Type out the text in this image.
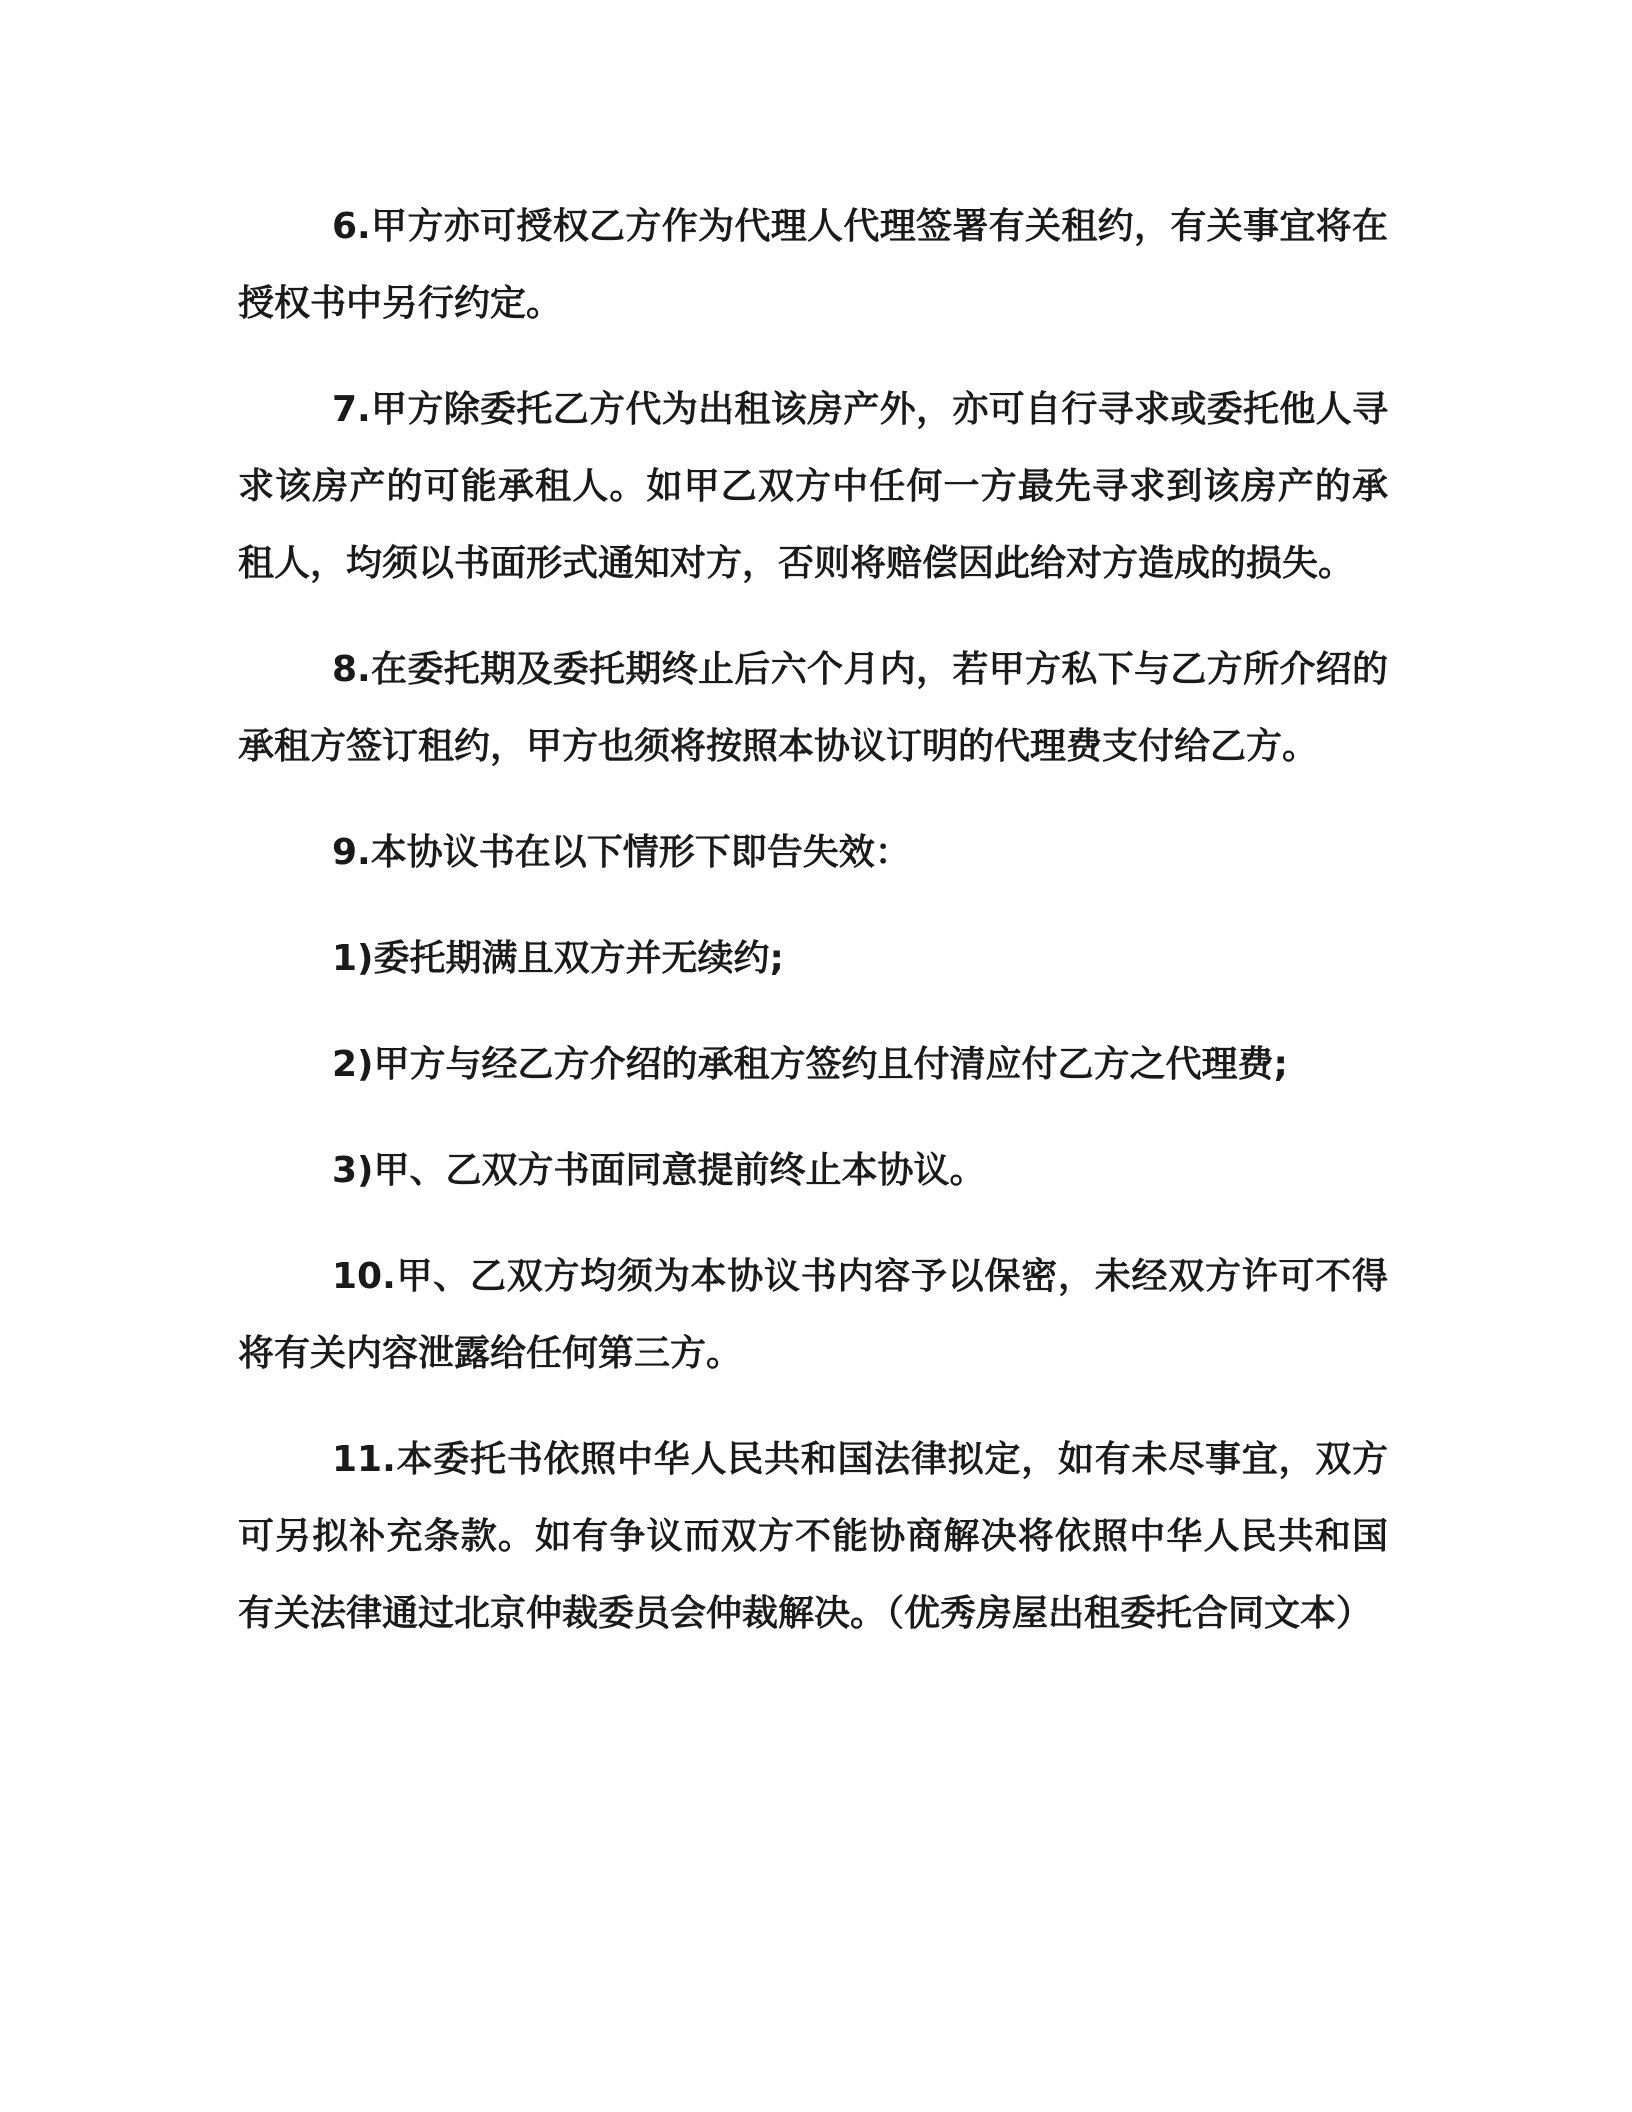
6.甲方亦可授权乙方作为代理人代理签署有关租约，有关事宜将在授权书中另行约定。

7.甲方除委托乙方代为出租该房产外，亦可自行寻求或委托他人寻求该房产的可能承租人。如甲乙双方中任何一方最先寻求到该房产的承租人，均须以书面形式通知对方，否则将赔偿因此给对方造成的损失。

8.在委托期及委托期终止后六个月内，若甲方私下与乙方所介绍的承租方签订租约，甲方也须将按照本协议订明的代理费支付给乙方。

9.本协议书在以下情形下即告失效：

1)委托期满且双方并无续约;

2)甲方与经乙方介绍的承租方签约且付清应付乙方之代理费;

3)甲、乙双方书面同意提前终止本协议。

10.甲、乙双方均须为本协议书内容予以保密，未经双方许可不得将有关内容泄露给任何第三方。

11.本委托书依照中华人民共和国法律拟定，如有未尽事宜，双方可另拟补充条款。如有争议而双方不能协商解决将依照中华人民共和国有关法律通过北京仲裁委员会仲裁解决。（优秀房屋出租委托合同文本）
